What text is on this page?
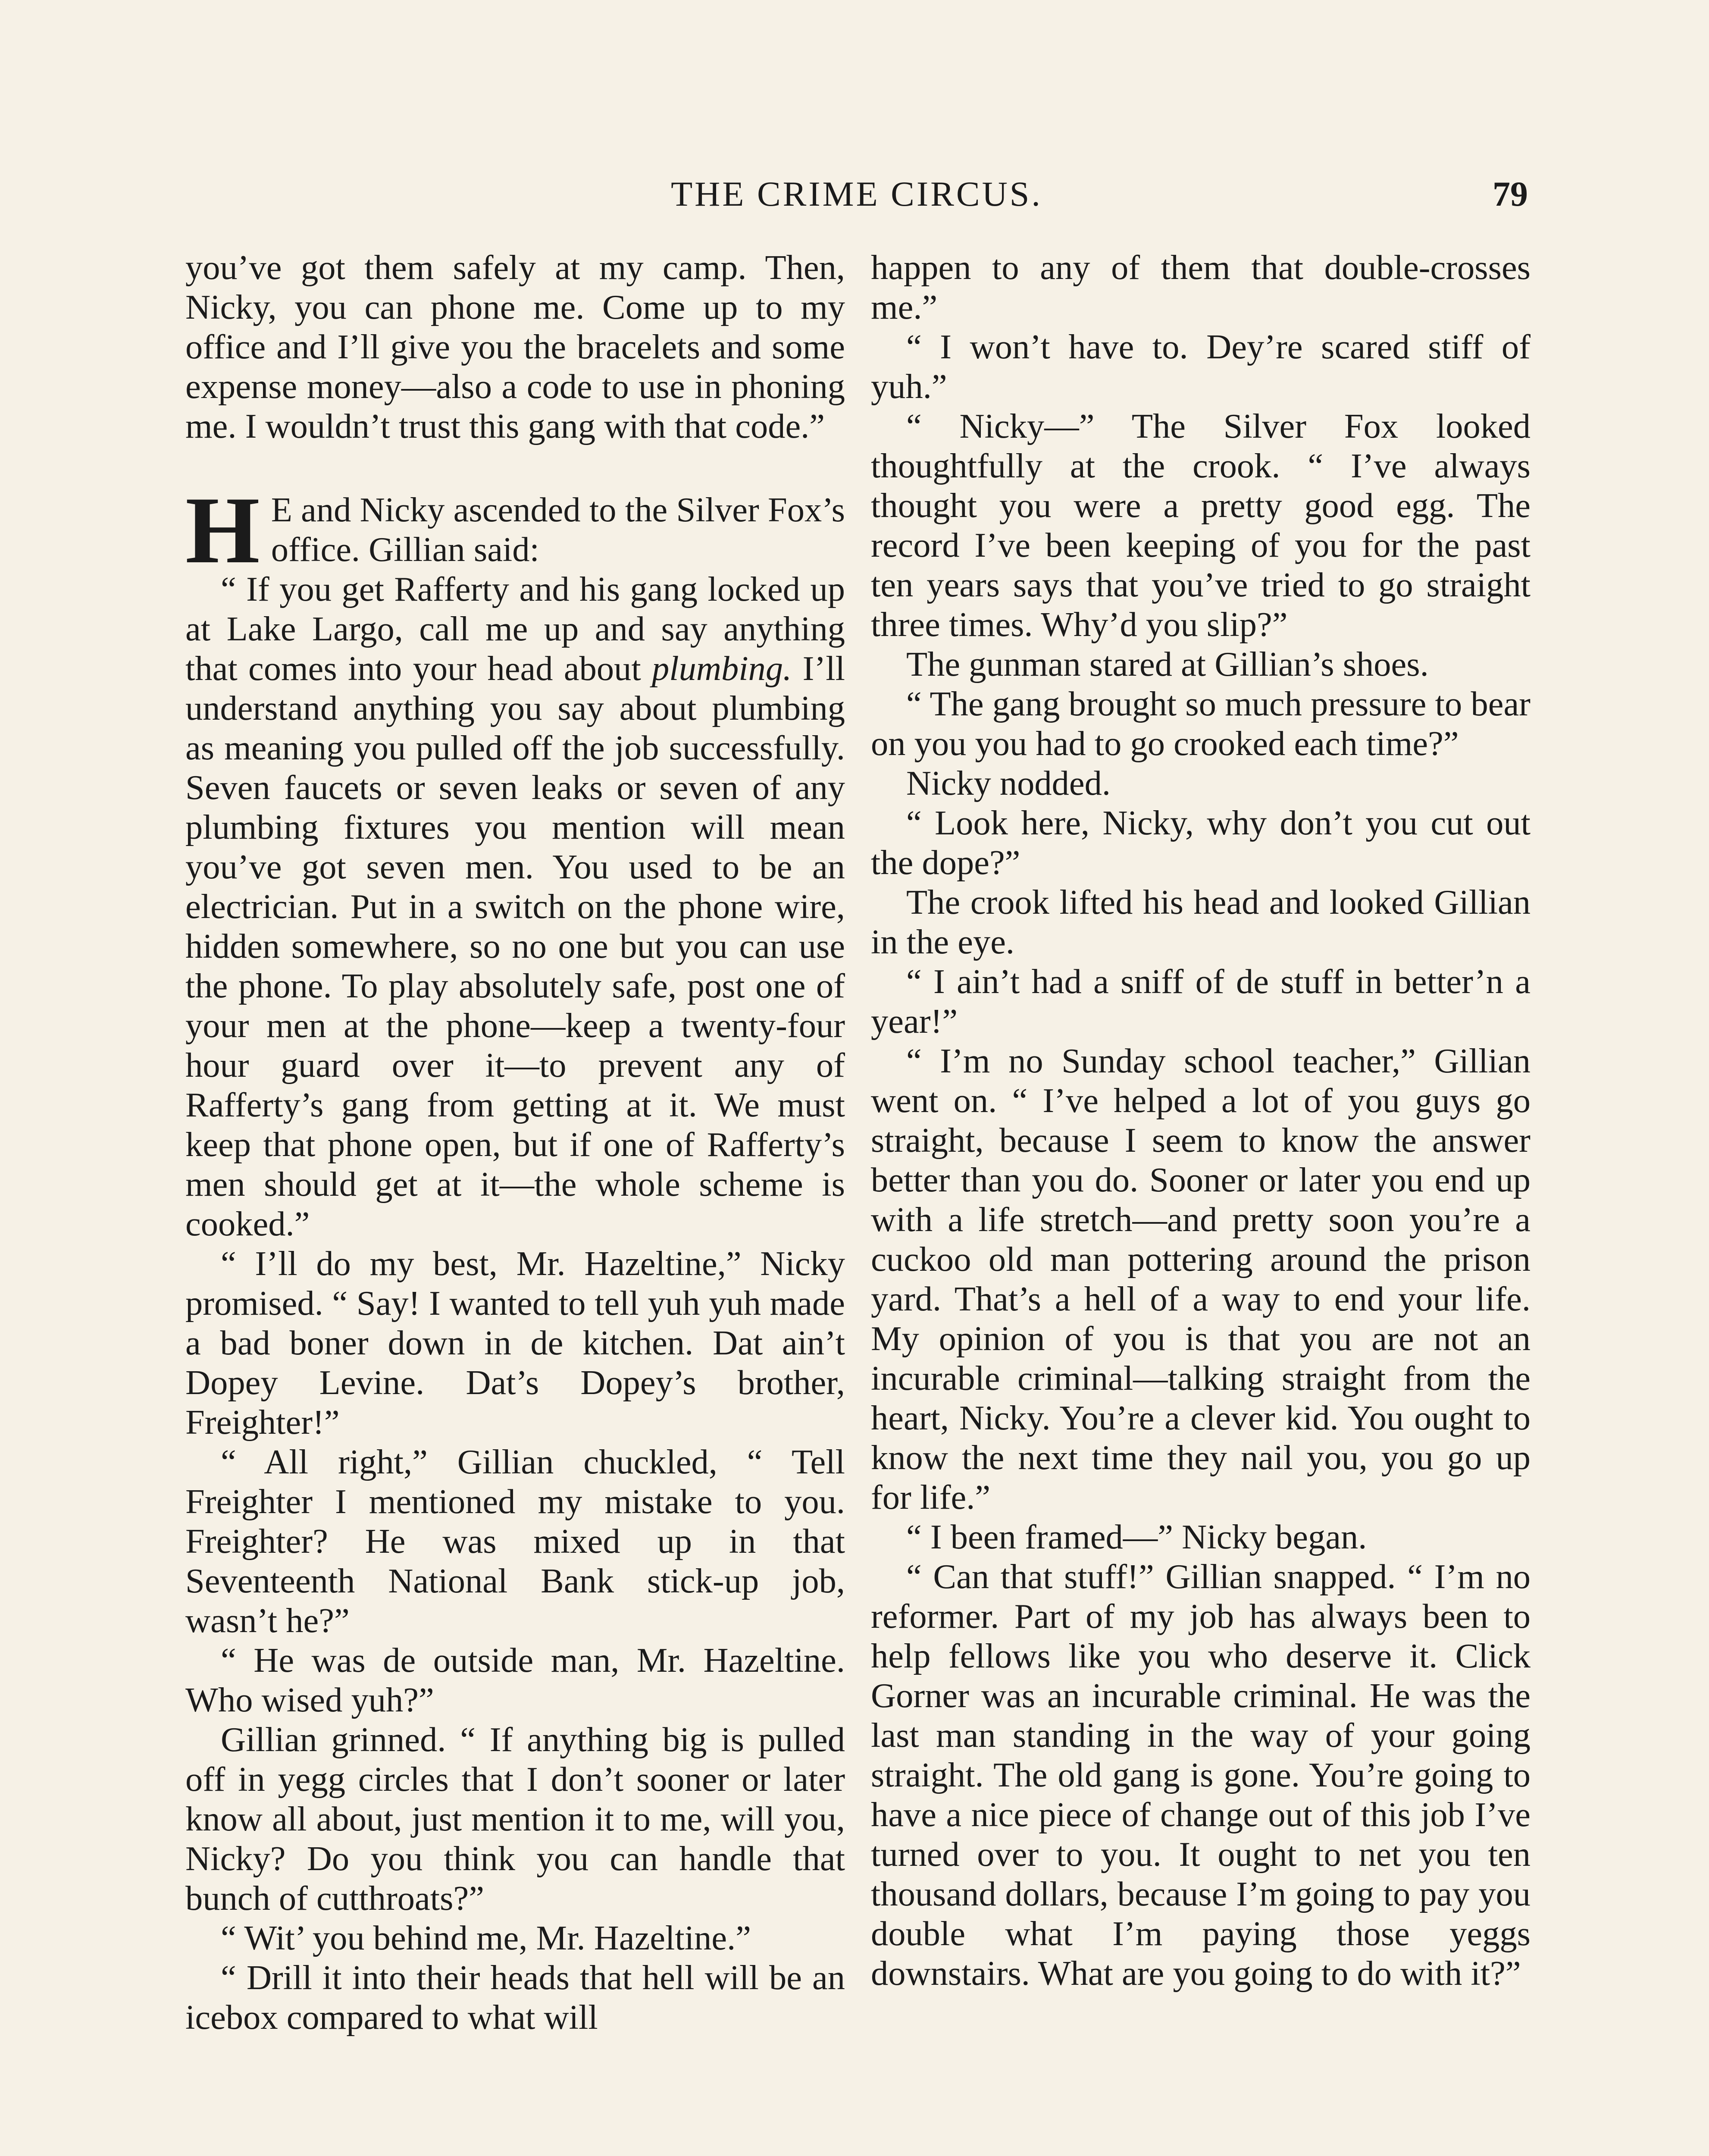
THE CRIME CIRCUS.	79

you’ve got them safely at my camp. Then, Nicky, you can phone me. Come up to my office and I’ll give you the bracelets and some expense money—also a code to use in phoning me. I wouldn’t trust this gang with that code.”

H E and Nicky ascended to the Silver Fox’s office. Gillian said:

“ If you get Rafferty and his gang locked up at Lake Largo, call me up and say anything that comes into your head about plumbing. I’ll understand anything you say about plumbing as meaning you pulled off the job successfully. Seven faucets or seven leaks or seven of any plumbing fixtures you mention will mean you’ve got seven men. You used to be an electrician. Put in a switch on the phone wire, hidden somewhere, so no one but you can use the phone. To play absolutely safe, post one of your men at the phone—keep a twenty-four hour guard over it—to prevent any of Rafferty’s gang from getting at it. We must keep that phone open, but if one of Rafferty’s men should get at it—the whole scheme is cooked.”

“ I’ll do my best, Mr. Hazeltine,” Nicky promised. “ Say! I wanted to tell yuh yuh made a bad boner down in de kitchen. Dat ain’t Dopey Levine. Dat’s Dopey’s brother, Freighter!”

“ All right,” Gillian chuckled, “ Tell Freighter I mentioned my mistake to you. Freighter? He was mixed up in that Seventeenth National Bank stick-up job, wasn’t he?”

“ He was de outside man, Mr. Hazeltine. Who wised yuh?”

Gillian grinned. “ If anything big is pulled off in yegg circles that I don’t sooner or later know all about, just mention it to me, will you, Nicky? Do you think you can handle that bunch of cutthroats?”

“ Wit’ you behind me, Mr. Hazeltine.”

“ Drill it into their heads that hell will be an icebox compared to what will

happen to any of them that double-crosses me.”

“ I won’t have to. Dey’re scared stiff of yuh.”

“ Nicky—” The Silver Fox looked thoughtfully at the crook. “ I’ve always thought you were a pretty good egg. The record I’ve been keeping of you for the past ten years says that you’ve tried to go straight three times. Why’d you slip?”

The gunman stared at Gillian’s shoes.

“ The gang brought so much pressure to bear on you you had to go crooked each time?”

Nicky nodded.

“ Look here, Nicky, why don’t you cut out the dope?”

The crook lifted his head and looked Gillian in the eye.

“ I ain’t had a sniff of de stuff in better’n a year!”

“ I’m no Sunday school teacher,” Gillian went on. “ I’ve helped a lot of you guys go straight, because I seem to know the answer better than you do. Sooner or later you end up with a life stretch—and pretty soon you’re a cuckoo old man pottering around the prison yard. That’s a hell of a way to end your life. My opinion of you is that you are not an incurable criminal—talking straight from the heart, Nicky. You’re a clever kid. You ought to know the next time they nail you, you go up for life.”

“ I been framed—” Nicky began.

“ Can that stuff!” Gillian snapped. “ I’m no reformer. Part of my job has always been to help fellows like you who deserve it. Click Gorner was an incurable criminal. He was the last man standing in the way of your going straight. The old gang is gone. You’re going to have a nice piece of change out of this job I’ve turned over to you. It ought to net you ten thousand dollars, because I’m going to pay you double what I’m paying those yeggs downstairs. What are you going to do with it?”
